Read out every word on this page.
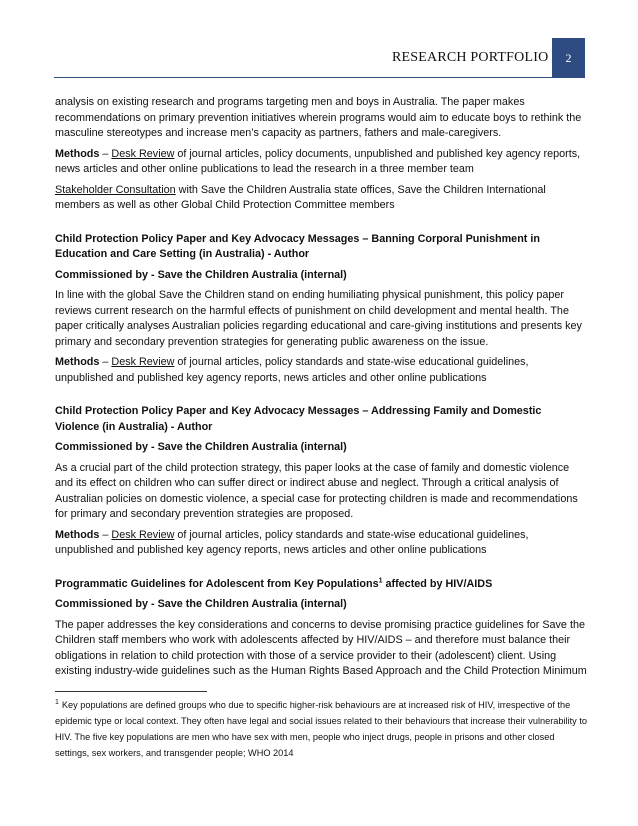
RESEARCH PORTFOLIO 2

analysis on existing research and programs targeting men and boys in Australia. The paper makes recommendations on primary prevention initiatives wherein programs would aim to educate boys to rethink the masculine stereotypes and increase men’s capacity as partners, fathers and male-caregivers.

Methods – Desk Review of journal articles, policy documents, unpublished and published key agency reports, news articles and other online publications to lead the research in a three member team

Stakeholder Consultation with Save the Children Australia state offices, Save the Children International members as well as other Global Child Protection Committee members

Child Protection Policy Paper and Key Advocacy Messages – Banning Corporal Punishment in Education and Care Setting (in Australia) - Author

Commissioned by - Save the Children Australia (internal)

In line with the global Save the Children stand on ending humiliating physical punishment, this policy paper reviews current research on the harmful effects of punishment on child development and mental health. The paper critically analyses Australian policies regarding educational and care-giving institutions and presents key primary and secondary prevention strategies for generating public awareness on the issue.

Methods – Desk Review of journal articles, policy standards and state-wise educational guidelines, unpublished and published key agency reports, news articles and other online publications

Child Protection Policy Paper and Key Advocacy Messages – Addressing Family and Domestic Violence (in Australia) - Author

Commissioned by - Save the Children Australia (internal)

As a crucial part of the child protection strategy, this paper looks at the case of family and domestic violence and its effect on children who can suffer direct or indirect abuse and neglect. Through a critical analysis of Australian policies on domestic violence, a special case for protecting children is made and recommendations for primary and secondary prevention strategies are proposed.

Methods – Desk Review of journal articles, policy standards and state-wise educational guidelines, unpublished and published key agency reports, news articles and other online publications

Programmatic Guidelines for Adolescent from Key Populations$^1$ affected by HIV/AIDS

Commissioned by - Save the Children Australia (internal)

The paper addresses the key considerations and concerns to devise promising practice guidelines for Save the Children staff members who work with adolescents affected by HIV/AIDS – and therefore must balance their obligations in relation to child protection with those of a service provider to their (adolescent) client. Using existing industry-wide guidelines such as the Human Rights Based Approach and the Child Protection Minimum

$^1$ Key populations are defined groups who due to specific higher-risk behaviours are at increased risk of HIV, irrespective of the epidemic type or local context. They often have legal and social issues related to their behaviours that increase their vulnerability to HIV. The five key populations are men who have sex with men, people who inject drugs, people in prisons and other closed settings, sex workers, and transgender people; WHO 2014
